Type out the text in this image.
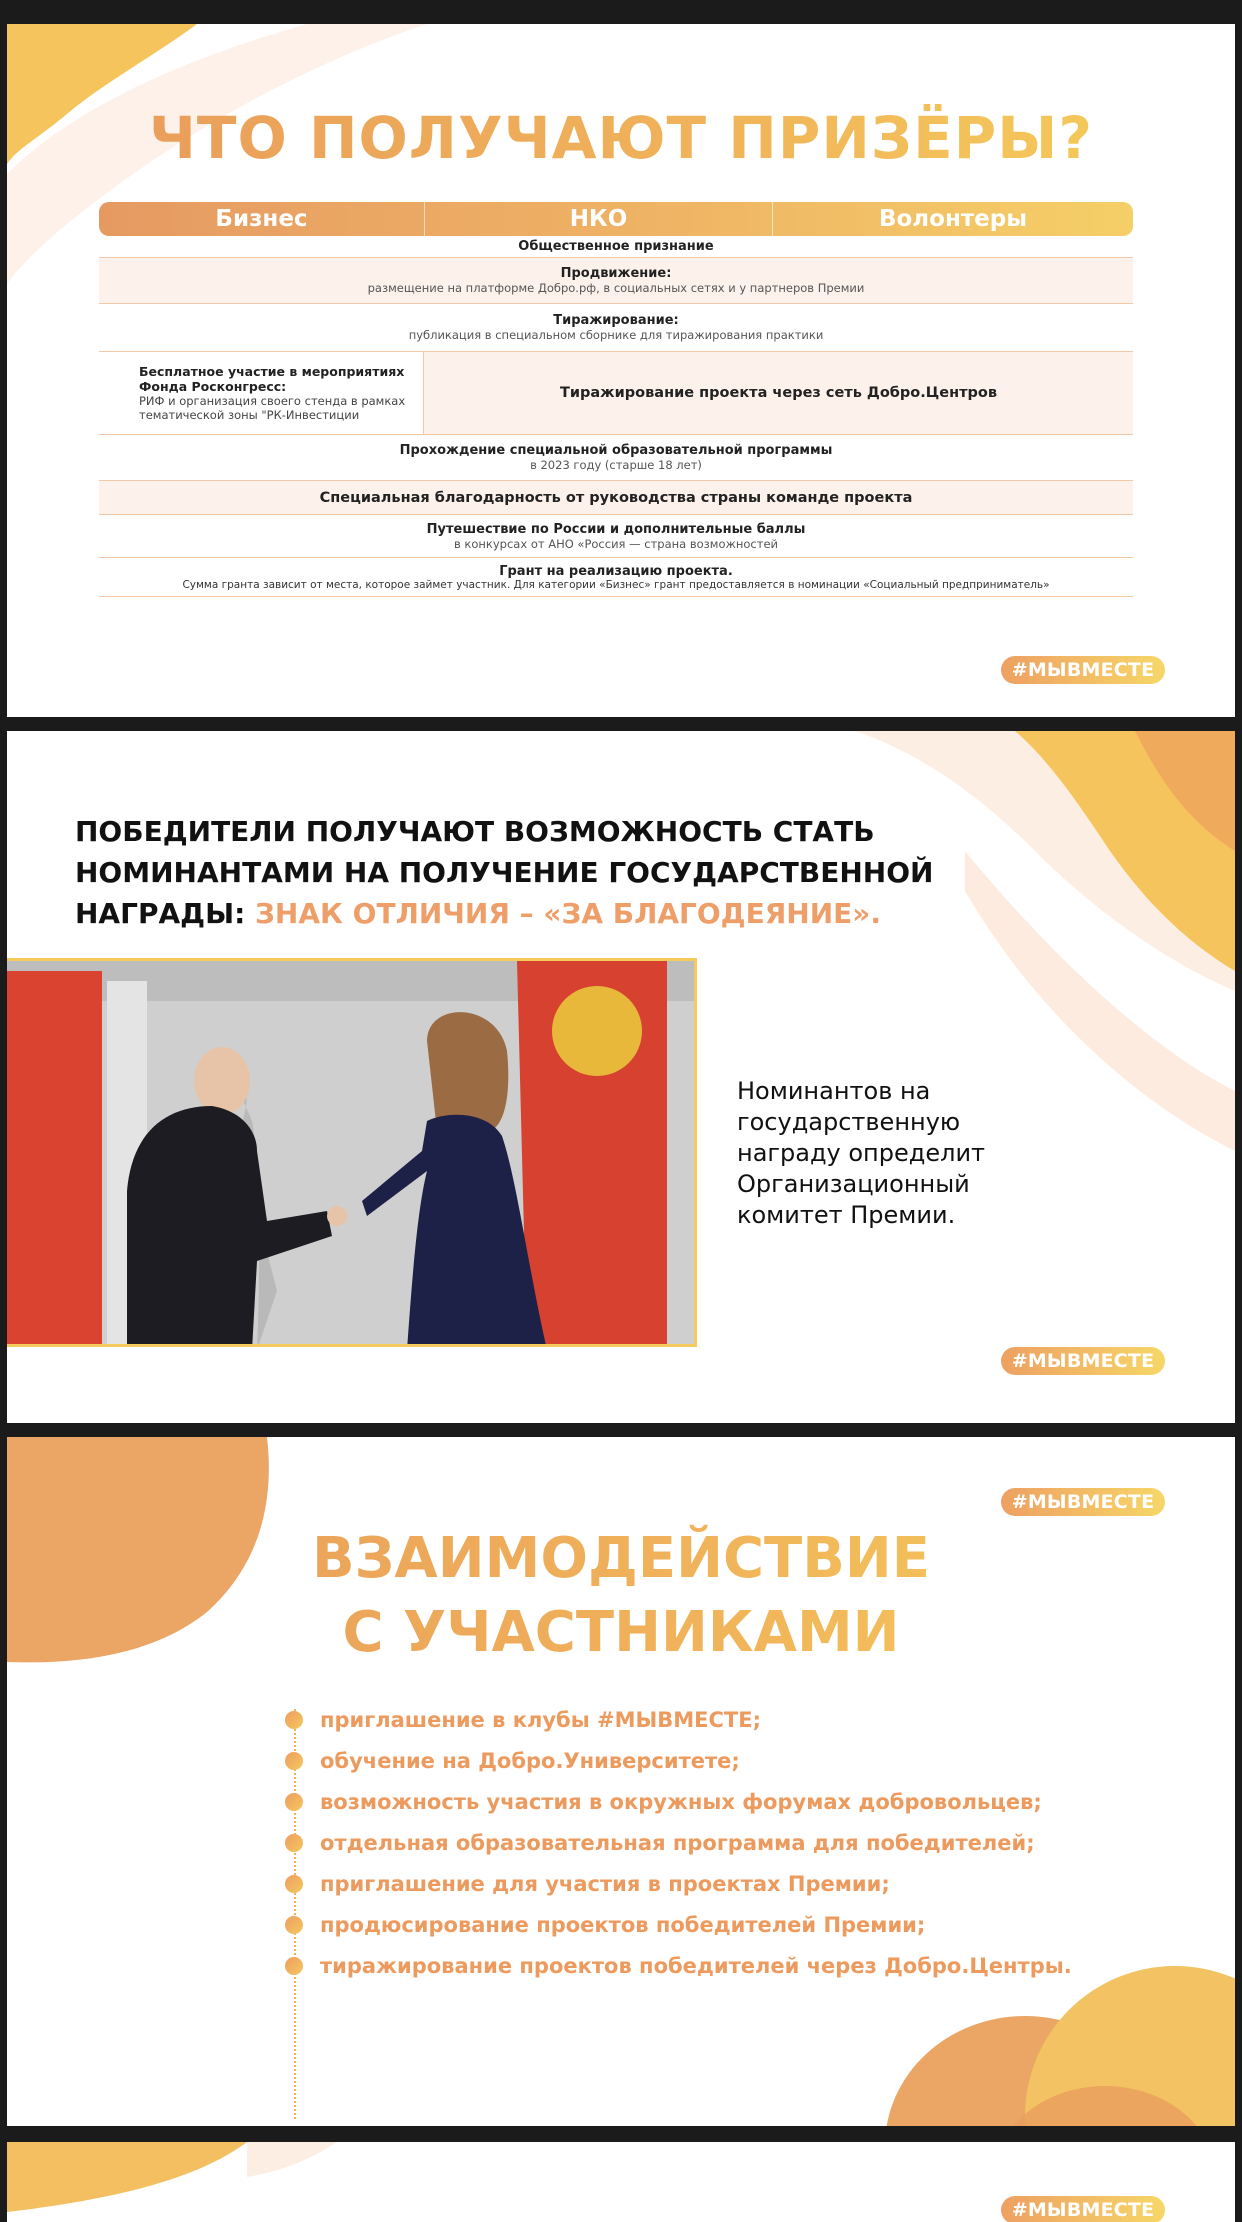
ЧТО ПОЛУЧАЮТ ПРИЗЁРЫ?
Бизнес	НКО	Волонтеры
Общественное признание
Продвижение:
размещение на платформе Добро.рф, в социальных сетях и у партнеров Премии
Тиражирование:
публикация в специальном сборнике для тиражирования практики
Бесплатное участие в мероприятиях Фонда Росконгресс:
РИФ и организация своего стенда в рамках тематической зоны "РК-Инвестиции
Тиражирование проекта через сеть Добро.Центров
Прохождение специальной образовательной программы
в 2023 году (старше 18 лет)
Специальная благодарность от руководства страны команде проекта
Путешествие по России и дополнительные баллы
в конкурсах от АНО «Россия — страна возможностей
Грант на реализацию проекта.
Сумма гранта зависит от места, которое займет участник. Для категории «Бизнес» грант предоставляется в номинации «Социальный предприниматель»
#МЫВМЕСТЕ
ПОБЕДИТЕЛИ ПОЛУЧАЮТ ВОЗМОЖНОСТЬ СТАТЬ НОМИНАНТАМИ НА ПОЛУЧЕНИЕ ГОСУДАРСТВЕННОЙ НАГРАДЫ: ЗНАК ОТЛИЧИЯ – «ЗА БЛАГОДЕЯНИЕ».
Номинантов на государственную награду определит Организационный комитет Премии.
#МЫВМЕСТЕ
#МЫВМЕСТЕ
ВЗАИМОДЕЙСТВИЕ
С УЧАСТНИКАМИ
приглашение в клубы #МЫВМЕСТЕ;
обучение на Добро.Университете;
возможность участия в окружных форумах добровольцев;
отдельная образовательная программа для победителей;
приглашение для участия в проектах Премии;
продюсирование проектов победителей Премии;
тиражирование проектов победителей через Добро.Центры.
#МЫВМЕСТЕ
